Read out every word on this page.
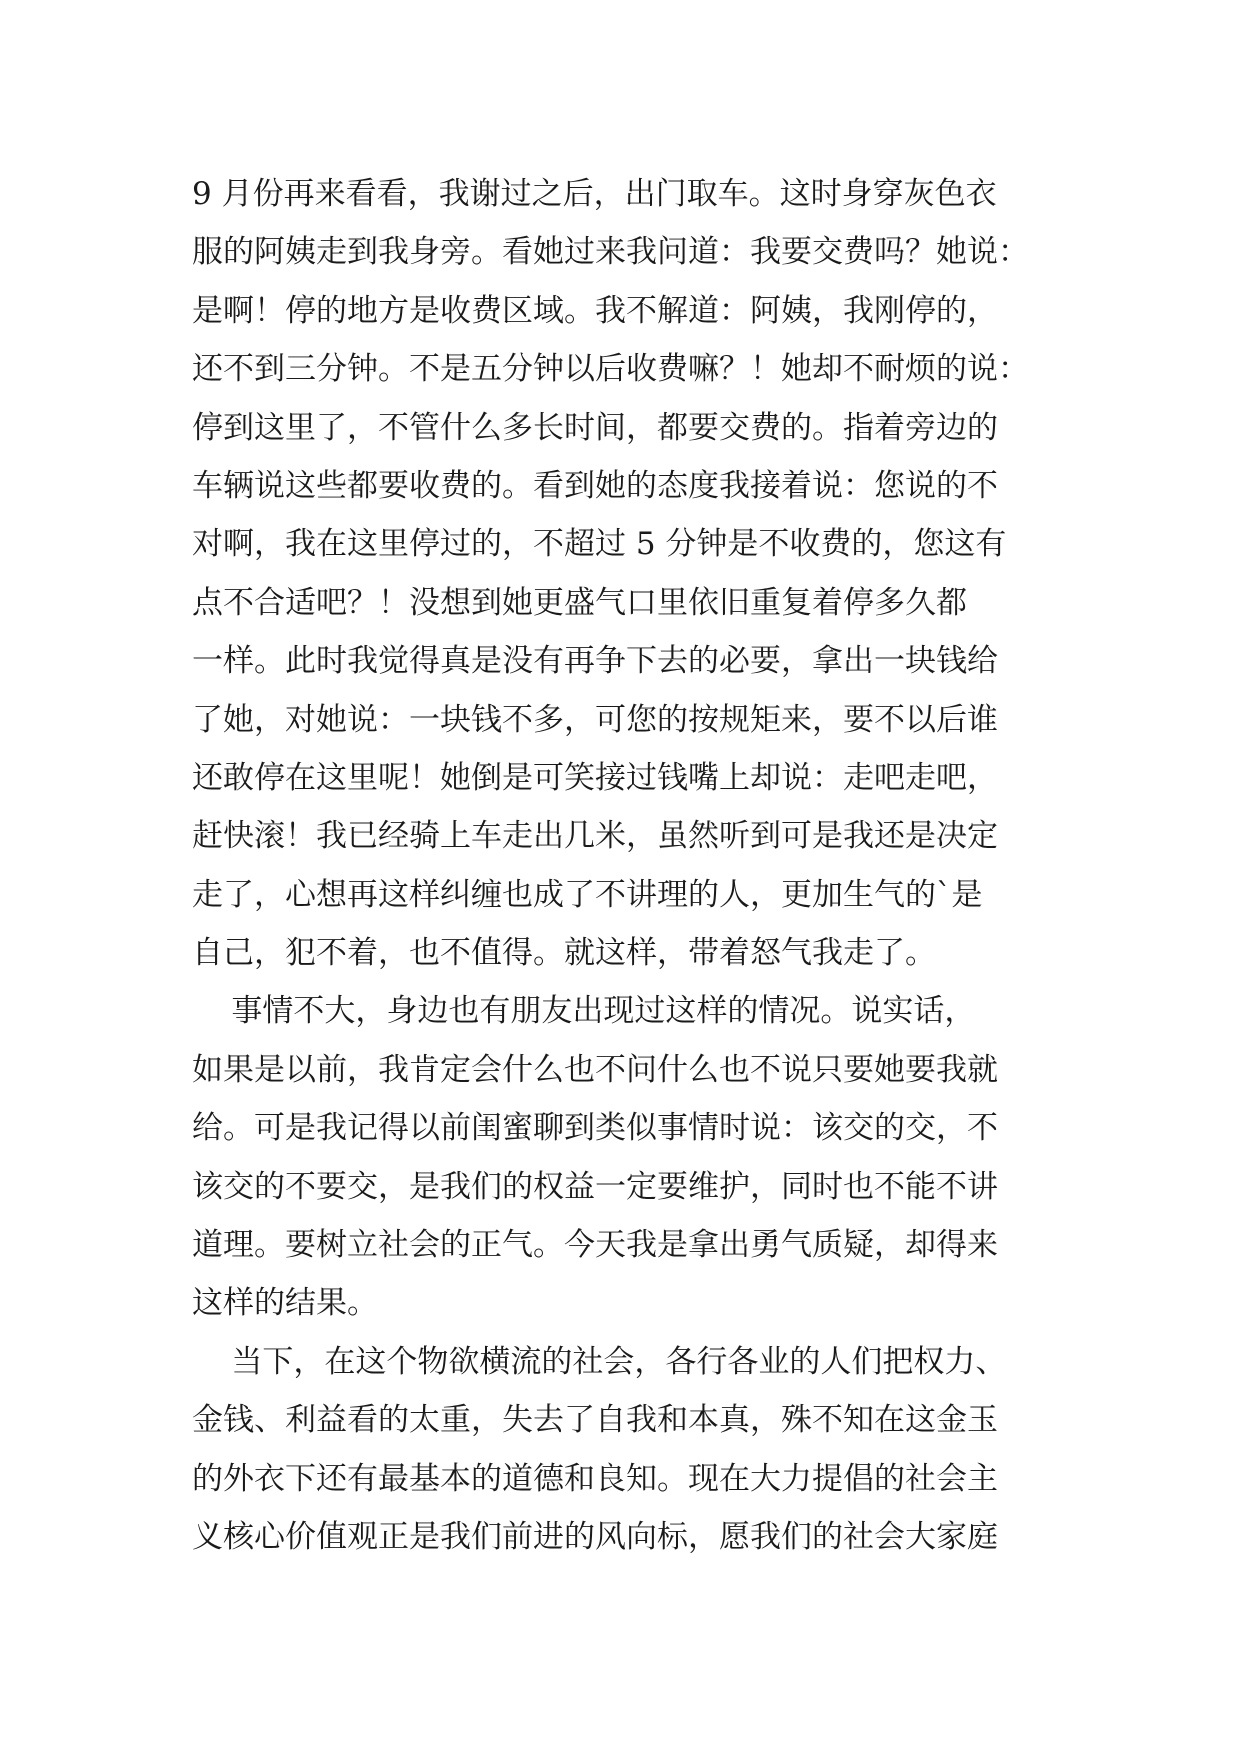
9 月份再来看看，我谢过之后，出门取车。这时身穿灰色衣
服的阿姨走到我身旁。看她过来我问道：我要交费吗？她说：
是啊！停的地方是收费区域。我不解道：阿姨，我刚停的，
还不到三分钟。不是五分钟以后收费嘛？！她却不耐烦的说：
停到这里了，不管什么多长时间，都要交费的。指着旁边的
车辆说这些都要收费的。看到她的态度我接着说：您说的不
对啊，我在这里停过的，不超过 5 分钟是不收费的，您这有
点不合适吧？！没想到她更盛气口里依旧重复着停多久都
一样。此时我觉得真是没有再争下去的必要，拿出一块钱给
了她，对她说：一块钱不多，可您的按规矩来，要不以后谁
还敢停在这里呢！她倒是可笑接过钱嘴上却说：走吧走吧，
赶快滚！我已经骑上车走出几米，虽然听到可是我还是决定
走了，心想再这样纠缠也成了不讲理的人，更加生气的`是
自己，犯不着，也不值得。就这样，带着怒气我走了。
事情不大，身边也有朋友出现过这样的情况。说实话，
如果是以前，我肯定会什么也不问什么也不说只要她要我就
给。可是我记得以前闺蜜聊到类似事情时说：该交的交，不
该交的不要交，是我们的权益一定要维护，同时也不能不讲
道理。要树立社会的正气。今天我是拿出勇气质疑，却得来
这样的结果。
当下，在这个物欲横流的社会，各行各业的人们把权力、
金钱、利益看的太重，失去了自我和本真，殊不知在这金玉
的外衣下还有最基本的道德和良知。现在大力提倡的社会主
义核心价值观正是我们前进的风向标，愿我们的社会大家庭
